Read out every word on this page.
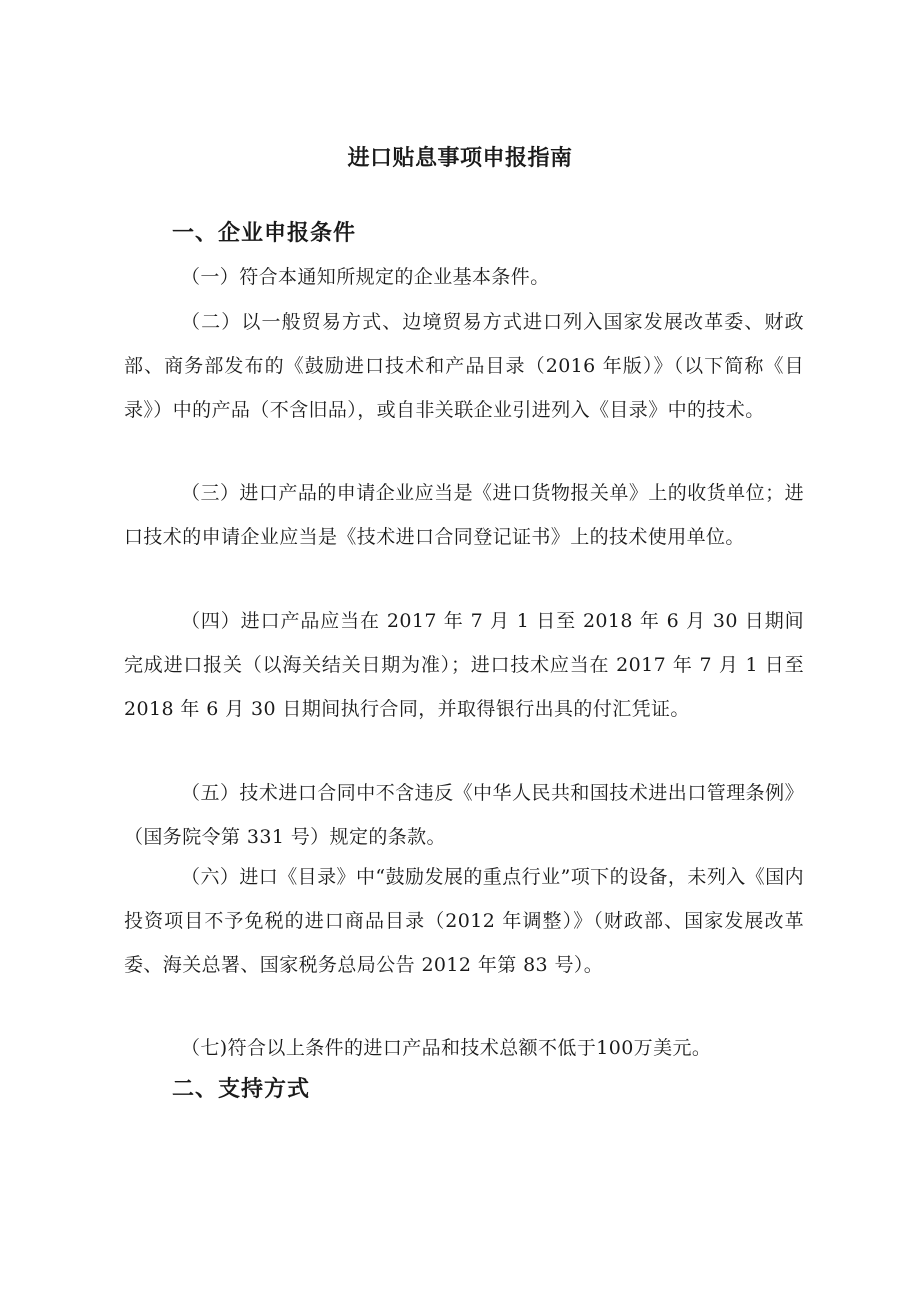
进口贴息事项申报指南
一、企业申报条件

（一）符合本通知所规定的企业基本条件。

（二）以一般贸易方式、边境贸易方式进口列入国家发展改革委、财政部、商务部发布的《鼓励进口技术和产品目录（2016 年版）》（以下简称《目录》）中的产品（不含旧品），或自非关联企业引进列入《目录》中的技术。

（三）进口产品的申请企业应当是《进口货物报关单》上的收货单位；进口技术的申请企业应当是《技术进口合同登记证书》上的技术使用单位。

（四）进口产品应当在 2017 年 7 月 1 日至 2018 年 6 月 30 日期间完成进口报关（以海关结关日期为准）；进口技术应当在 2017 年 7 月 1 日至 2018 年 6 月 30 日期间执行合同，并取得银行出具的付汇凭证。

（五）技术进口合同中不含违反《中华人民共和国技术进出口管理条例》（国务院令第 331 号）规定的条款。

（六）进口《目录》中“鼓励发展的重点行业”项下的设备，未列入《国内投资项目不予免税的进口商品目录（2012 年调整）》（财政部、国家发展改革委、海关总署、国家税务总局公告 2012 年第 83 号）。

（七)符合以上条件的进口产品和技术总额不低于100万美元。

二、支持方式
